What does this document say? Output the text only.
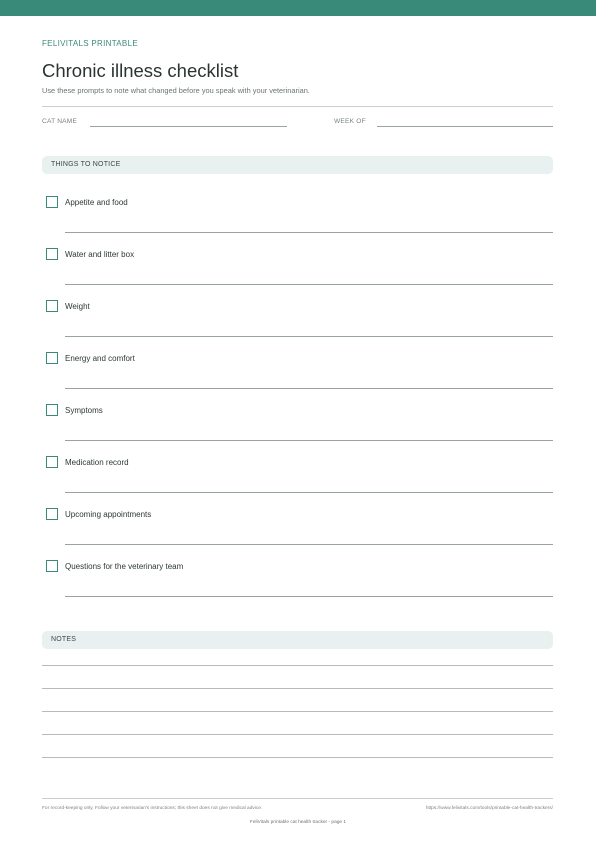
FELIVITALS PRINTABLE
Chronic illness checklist
Use these prompts to note what changed before you speak with your veterinarian.
CAT NAME	WEEK OF
THINGS TO NOTICE
Appetite and food
Water and litter box
Weight
Energy and comfort
Symptoms
Medication record
Upcoming appointments
Questions for the veterinary team
NOTES
For record-keeping only. Follow your veterinarian's instructions; this sheet does not give medical advice.	https://www.felivitals.com/tools/printable-cat-health-trackers/
FeliVitals printable cat health tracker - page 1
